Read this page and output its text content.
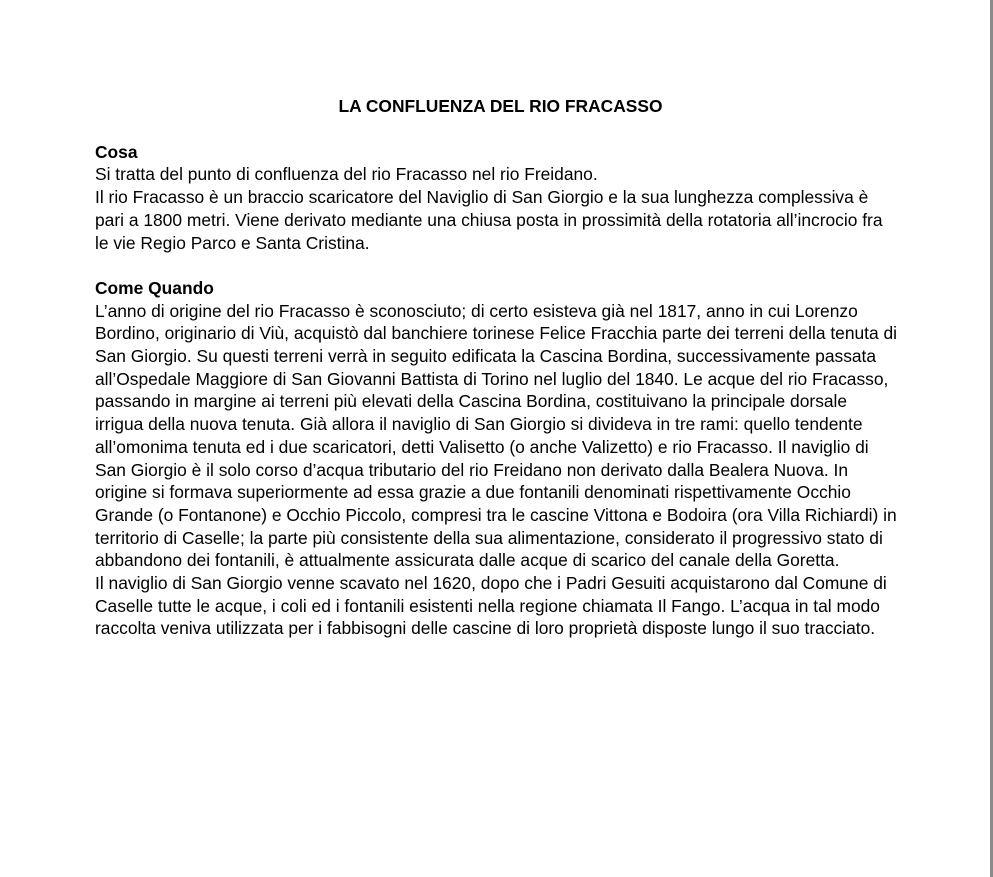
LA CONFLUENZA DEL RIO FRACASSO
Cosa

Si tratta del punto di confluenza del rio Fracasso nel rio Freidano.

Il rio Fracasso è un braccio scaricatore del Naviglio di San Giorgio e la sua lunghezza complessiva è pari a 1800 metri. Viene derivato mediante una chiusa posta in prossimità della rotatoria all’incrocio fra le vie Regio Parco e Santa Cristina.

Come Quando

L’anno di origine del rio Fracasso è sconosciuto; di certo esisteva già nel 1817, anno in cui Lorenzo Bordino, originario di Viù, acquistò dal banchiere torinese Felice Fracchia parte dei terreni della tenuta di San Giorgio. Su questi terreni verrà in seguito edificata la Cascina Bordina, successivamente passata all’Ospedale Maggiore di San Giovanni Battista di Torino nel luglio del 1840. Le acque del rio Fracasso, passando in margine ai terreni più elevati della Cascina Bordina, costituivano la principale dorsale irrigua della nuova tenuta. Già allora il naviglio di San Giorgio si divideva in tre rami: quello tendente all’omonima tenuta ed i due scaricatori, detti Valisetto (o anche Valizetto) e rio Fracasso. Il naviglio di San Giorgio è il solo corso d’acqua tributario del rio Freidano non derivato dalla Bealera Nuova. In origine si formava superiormente ad essa grazie a due fontanili denominati rispettivamente Occhio Grande (o Fontanone) e Occhio Piccolo, compresi tra le cascine Vittona e Bodoira (ora Villa Richiardi) in territorio di Caselle; la parte più consistente della sua alimentazione, considerato il progressivo stato di abbandono dei fontanili, è attualmente assicurata dalle acque di scarico del canale della Goretta.

Il naviglio di San Giorgio venne scavato nel 1620, dopo che i Padri Gesuiti acquistarono dal Comune di Caselle tutte le acque, i coli ed i fontanili esistenti nella regione chiamata Il Fango. L’acqua in tal modo raccolta veniva utilizzata per i fabbisogni delle cascine di loro proprietà disposte lungo il suo tracciato.
